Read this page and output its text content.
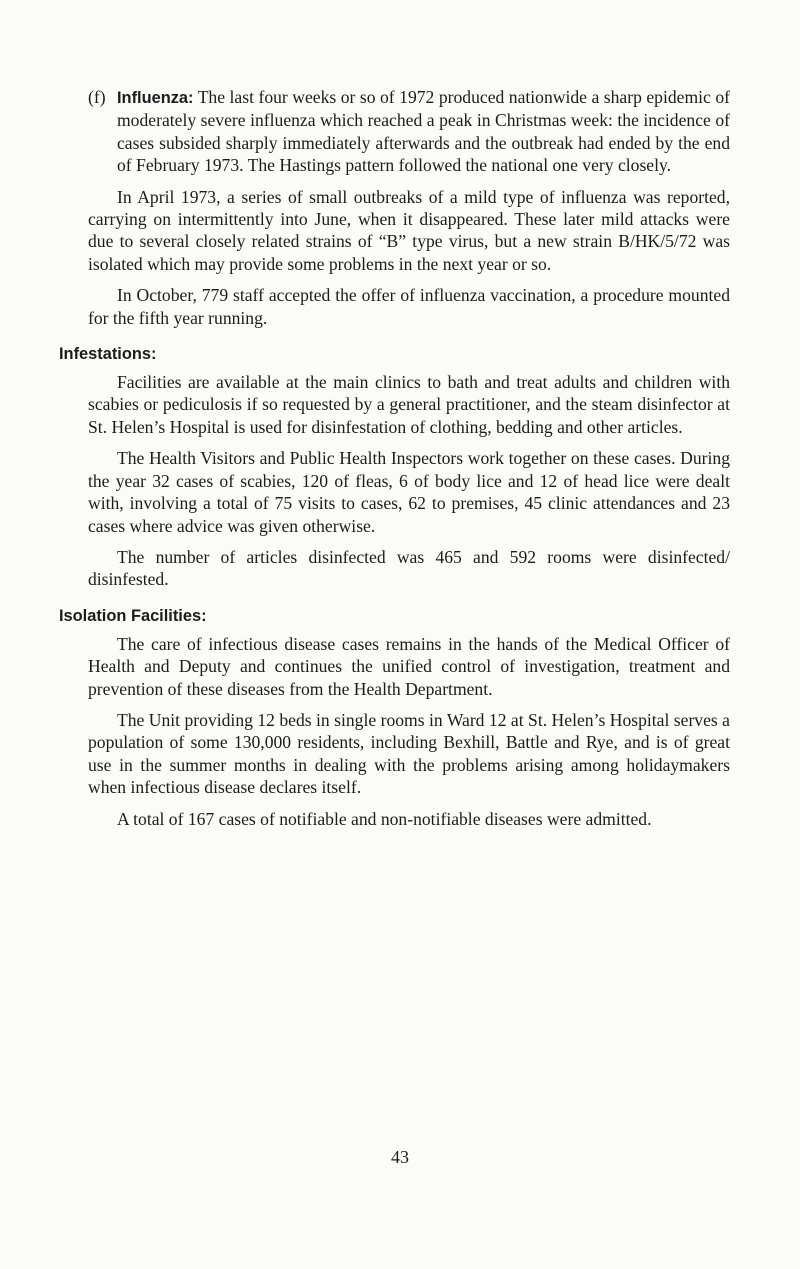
(f) Influenza: The last four weeks or so of 1972 produced nationwide a sharp epidemic of moderately severe influenza which reached a peak in Christmas week: the incidence of cases subsided sharply immediately afterwards and the outbreak had ended by the end of February 1973. The Hastings pattern followed the national one very closely.

In April 1973, a series of small outbreaks of a mild type of influenza was reported, carrying on intermittently into June, when it disappeared. These later mild attacks were due to several closely related strains of “B” type virus, but a new strain B/HK/5/72 was isolated which may provide some problems in the next year or so.

In October, 779 staff accepted the offer of influenza vaccination, a procedure mounted for the fifth year running.

Infestations:

Facilities are available at the main clinics to bath and treat adults and children with scabies or pediculosis if so requested by a general practitioner, and the steam disinfector at St. Helen’s Hospital is used for disinfestation of clothing, bedding and other articles.

The Health Visitors and Public Health Inspectors work together on these cases. During the year 32 cases of scabies, 120 of fleas, 6 of body lice and 12 of head lice were dealt with, involving a total of 75 visits to cases, 62 to premises, 45 clinic attendances and 23 cases where advice was given otherwise.

The number of articles disinfected was 465 and 592 rooms were disinfected/ disinfested.

Isolation Facilities:

The care of infectious disease cases remains in the hands of the Medical Officer of Health and Deputy and continues the unified control of investigation, treatment and prevention of these diseases from the Health Department.

The Unit providing 12 beds in single rooms in Ward 12 at St. Helen’s Hospital serves a population of some 130,000 residents, including Bexhill, Battle and Rye, and is of great use in the summer months in dealing with the problems arising among holidaymakers when infectious disease declares itself.

A total of 167 cases of notifiable and non-notifiable diseases were admitted.

43
